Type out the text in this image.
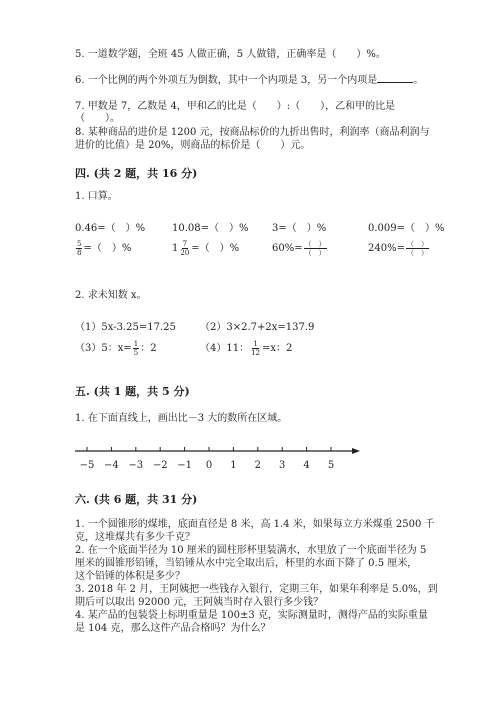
5. 一道数学题，全班 45 人做正确，5 人做错，正确率是（　　）%。
6. 一个比例的两个外项互为倒数，其中一个内项是 3，另一个内项是	。
7. 甲数是 7，乙数是 4，甲和乙的比是（　　）:（　　），乙和甲的比是
（　　）。
8. 某种商品的进价是 1200 元，按商品标价的九折出售时，利润率（商品利润与
进价的比值）是 20%，则商品的标价是（　　）元。
四. (共 2 题，共 16 分)
1. 口算。
0.46=（　）%	10.08=（　）% 3=（　）%	0.009=（　）%
$\frac{5}{8}$ =（　）%	$1 \frac{7}{20}$ =（　）%	$60\%= \frac{( )}{( )}$	$240\%= \frac{( )}{( )}$
2. 求未知数 x。
（1）5x-3.25=17.25 （2）3×2.7+2x=137.9
（3）5：$x= \frac{1}{5}$ ：2	（4）11： $\frac{1}{12} =x$：2
五. (共 1 题，共 5 分)
1. 在下面直线上，画出比－3 大的数所在区域。
−5 −4 −3 −2 −1 0 1 2 3 4 5
六. (共 6 题，共 31 分)
1. 一个圆锥形的煤堆，底面直径是 8 米，高 1.4 米，如果每立方米煤重 2500 千
克，这堆煤共有多少千克？
2. 在一个底面半径为 10 厘米的圆柱形杯里装满水，水里放了一个底面半径为 5
厘米的圆锥形铅锤，当铅锤从水中完全取出后，杯里的水面下降了 0.5 厘米，
这个铅锤的体积是多少？
3. 2018 年 2 月，王阿姨把一些钱存入银行，定期三年，如果年利率是 5.0%，到
期后可以取出 92000 元，王阿姨当时存入银行多少钱？
4. 某产品的包装袋上标明重量是 100±3 克，实际测量时，测得产品的实际重量
是 104 克，那么这件产品合格吗？为什么？
